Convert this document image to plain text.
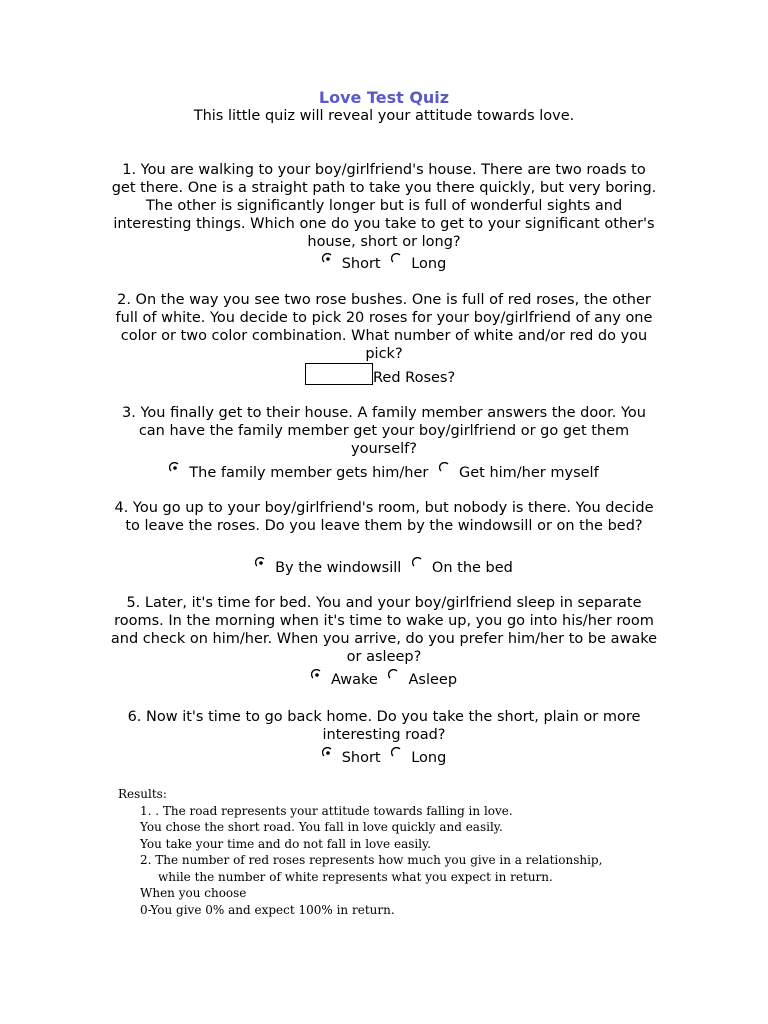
Love Test Quiz
This little quiz will reveal your attitude towards love.
1. You are walking to your boy/girlfriend's house. There are two roads to get there. One is a straight path to take you there quickly, but very boring. The other is significantly longer but is full of wonderful sights and interesting things. Which one do you take to get to your significant other's house, short or long?
Short
Long
2. On the way you see two rose bushes. One is full of red roses, the other full of white. You decide to pick 20 roses for your boy/girlfriend of any one color or two color combination. What number of white and/or red do you pick?
Red Roses?
3. You finally get to their house. A family member answers the door. You can have the family member get your boy/girlfriend or go get them yourself?
The family member gets him/her
Get him/her myself
4. You go up to your boy/girlfriend's room, but nobody is there. You decide to leave the roses. Do you leave them by the windowsill or on the bed?
By the windowsill
On the bed
5. Later, it's time for bed. You and your boy/girlfriend sleep in separate rooms. In the morning when it's time to wake up, you go into his/her room and check on him/her. When you arrive, do you prefer him/her to be awake or asleep?
Awake
Asleep
6. Now it's time to go back home. Do you take the short, plain or more interesting road?
Short
Long
Results:
1. . The road represents your attitude towards falling in love.
You chose the short road. You fall in love quickly and easily.
You take your time and do not fall in love easily.
2. The number of red roses represents how much you give in a relationship,
while the number of white represents what you expect in return.
When you choose
0-You give 0% and expect 100% in return.
